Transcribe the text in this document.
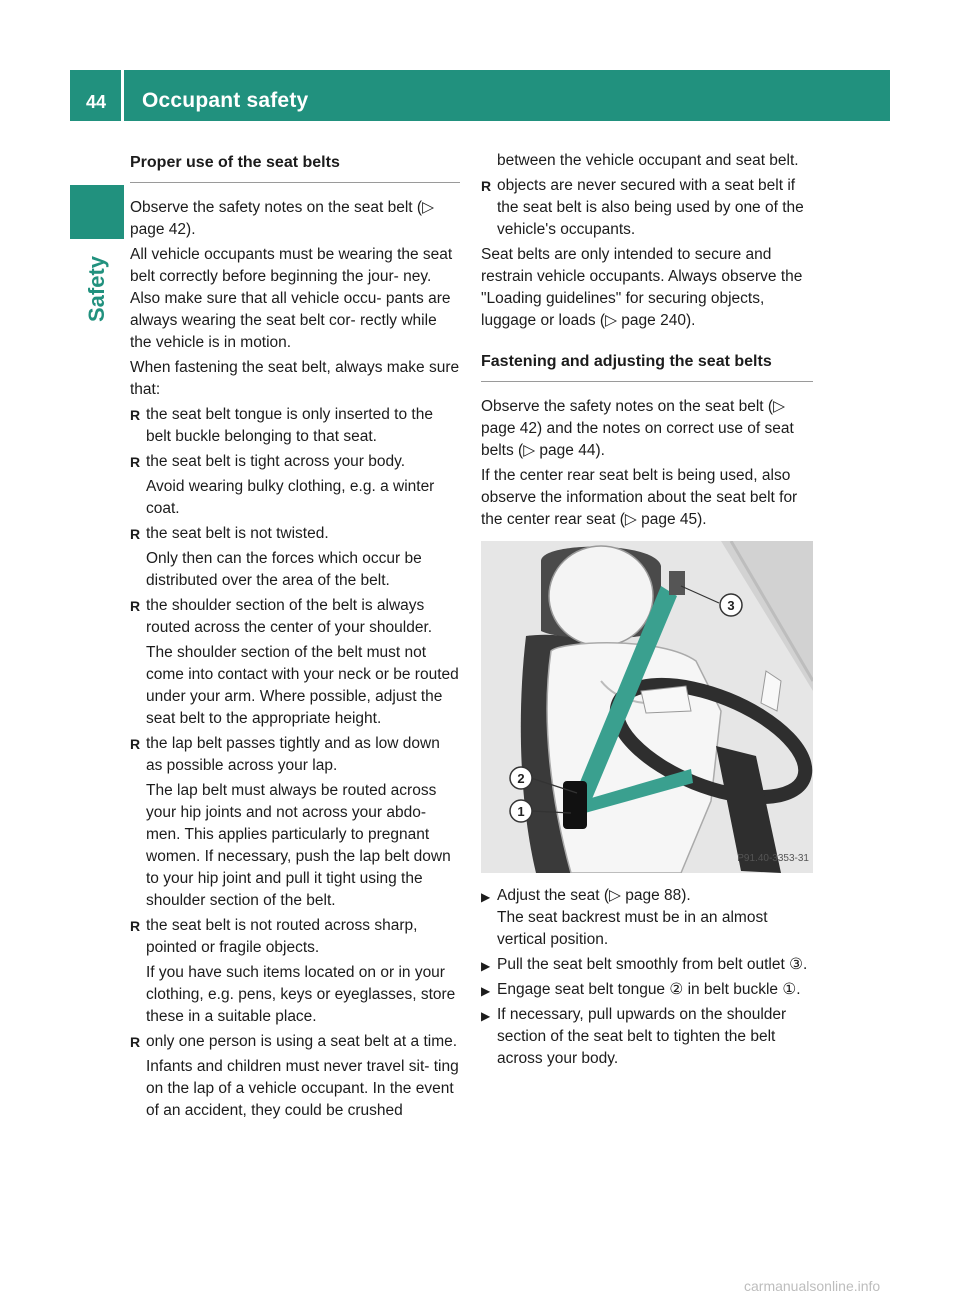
44 Occupant safety
Safety
Proper use of the seat belts

Observe the safety notes on the seat belt (▷ page 42).

All vehicle occupants must be wearing the seat belt correctly before beginning the jour- ney. Also make sure that all vehicle occu- pants are always wearing the seat belt cor- rectly while the vehicle is in motion.

When fastening the seat belt, always make sure that:

R the seat belt tongue is only inserted to the belt buckle belonging to that seat.
R the seat belt is tight across your body.
Avoid wearing bulky clothing, e.g. a winter coat.
R the seat belt is not twisted.
Only then can the forces which occur be distributed over the area of the belt.
R the shoulder section of the belt is always routed across the center of your shoulder.
The shoulder section of the belt must not come into contact with your neck or be routed under your arm. Where possible, adjust the seat belt to the appropriate height.
R the lap belt passes tightly and as low down as possible across your lap.
The lap belt must always be routed across your hip joints and not across your abdo- men. This applies particularly to pregnant women. If necessary, push the lap belt down to your hip joint and pull it tight using the shoulder section of the belt.
R the seat belt is not routed across sharp, pointed or fragile objects.
If you have such items located on or in your clothing, e.g. pens, keys or eyeglasses, store these in a suitable place.
R only one person is using a seat belt at a time.
Infants and children must never travel sit- ting on the lap of a vehicle occupant. In the event of an accident, they could be crushed
between the vehicle occupant and seat belt.
R objects are never secured with a seat belt if the seat belt is also being used by one of the vehicle's occupants.

Seat belts are only intended to secure and restrain vehicle occupants. Always observe the "Loading guidelines" for securing objects, luggage or loads (▷ page 240).

Fastening and adjusting the seat belts

Observe the safety notes on the seat belt (▷ page 42) and the notes on correct use of seat belts (▷ page 44).

If the center rear seat belt is being used, also observe the information about the seat belt for the center rear seat (▷ page 45).

2
1
3
P91.40-3353-31
▶ Adjust the seat (▷ page 88).
The seat backrest must be in an almost vertical position.
▶ Pull the seat belt smoothly from belt outlet ③.
▶ Engage seat belt tongue ② in belt buckle ①.
▶ If necessary, pull upwards on the shoulder section of the seat belt to tighten the belt across your body.
carmanualsonline.info
